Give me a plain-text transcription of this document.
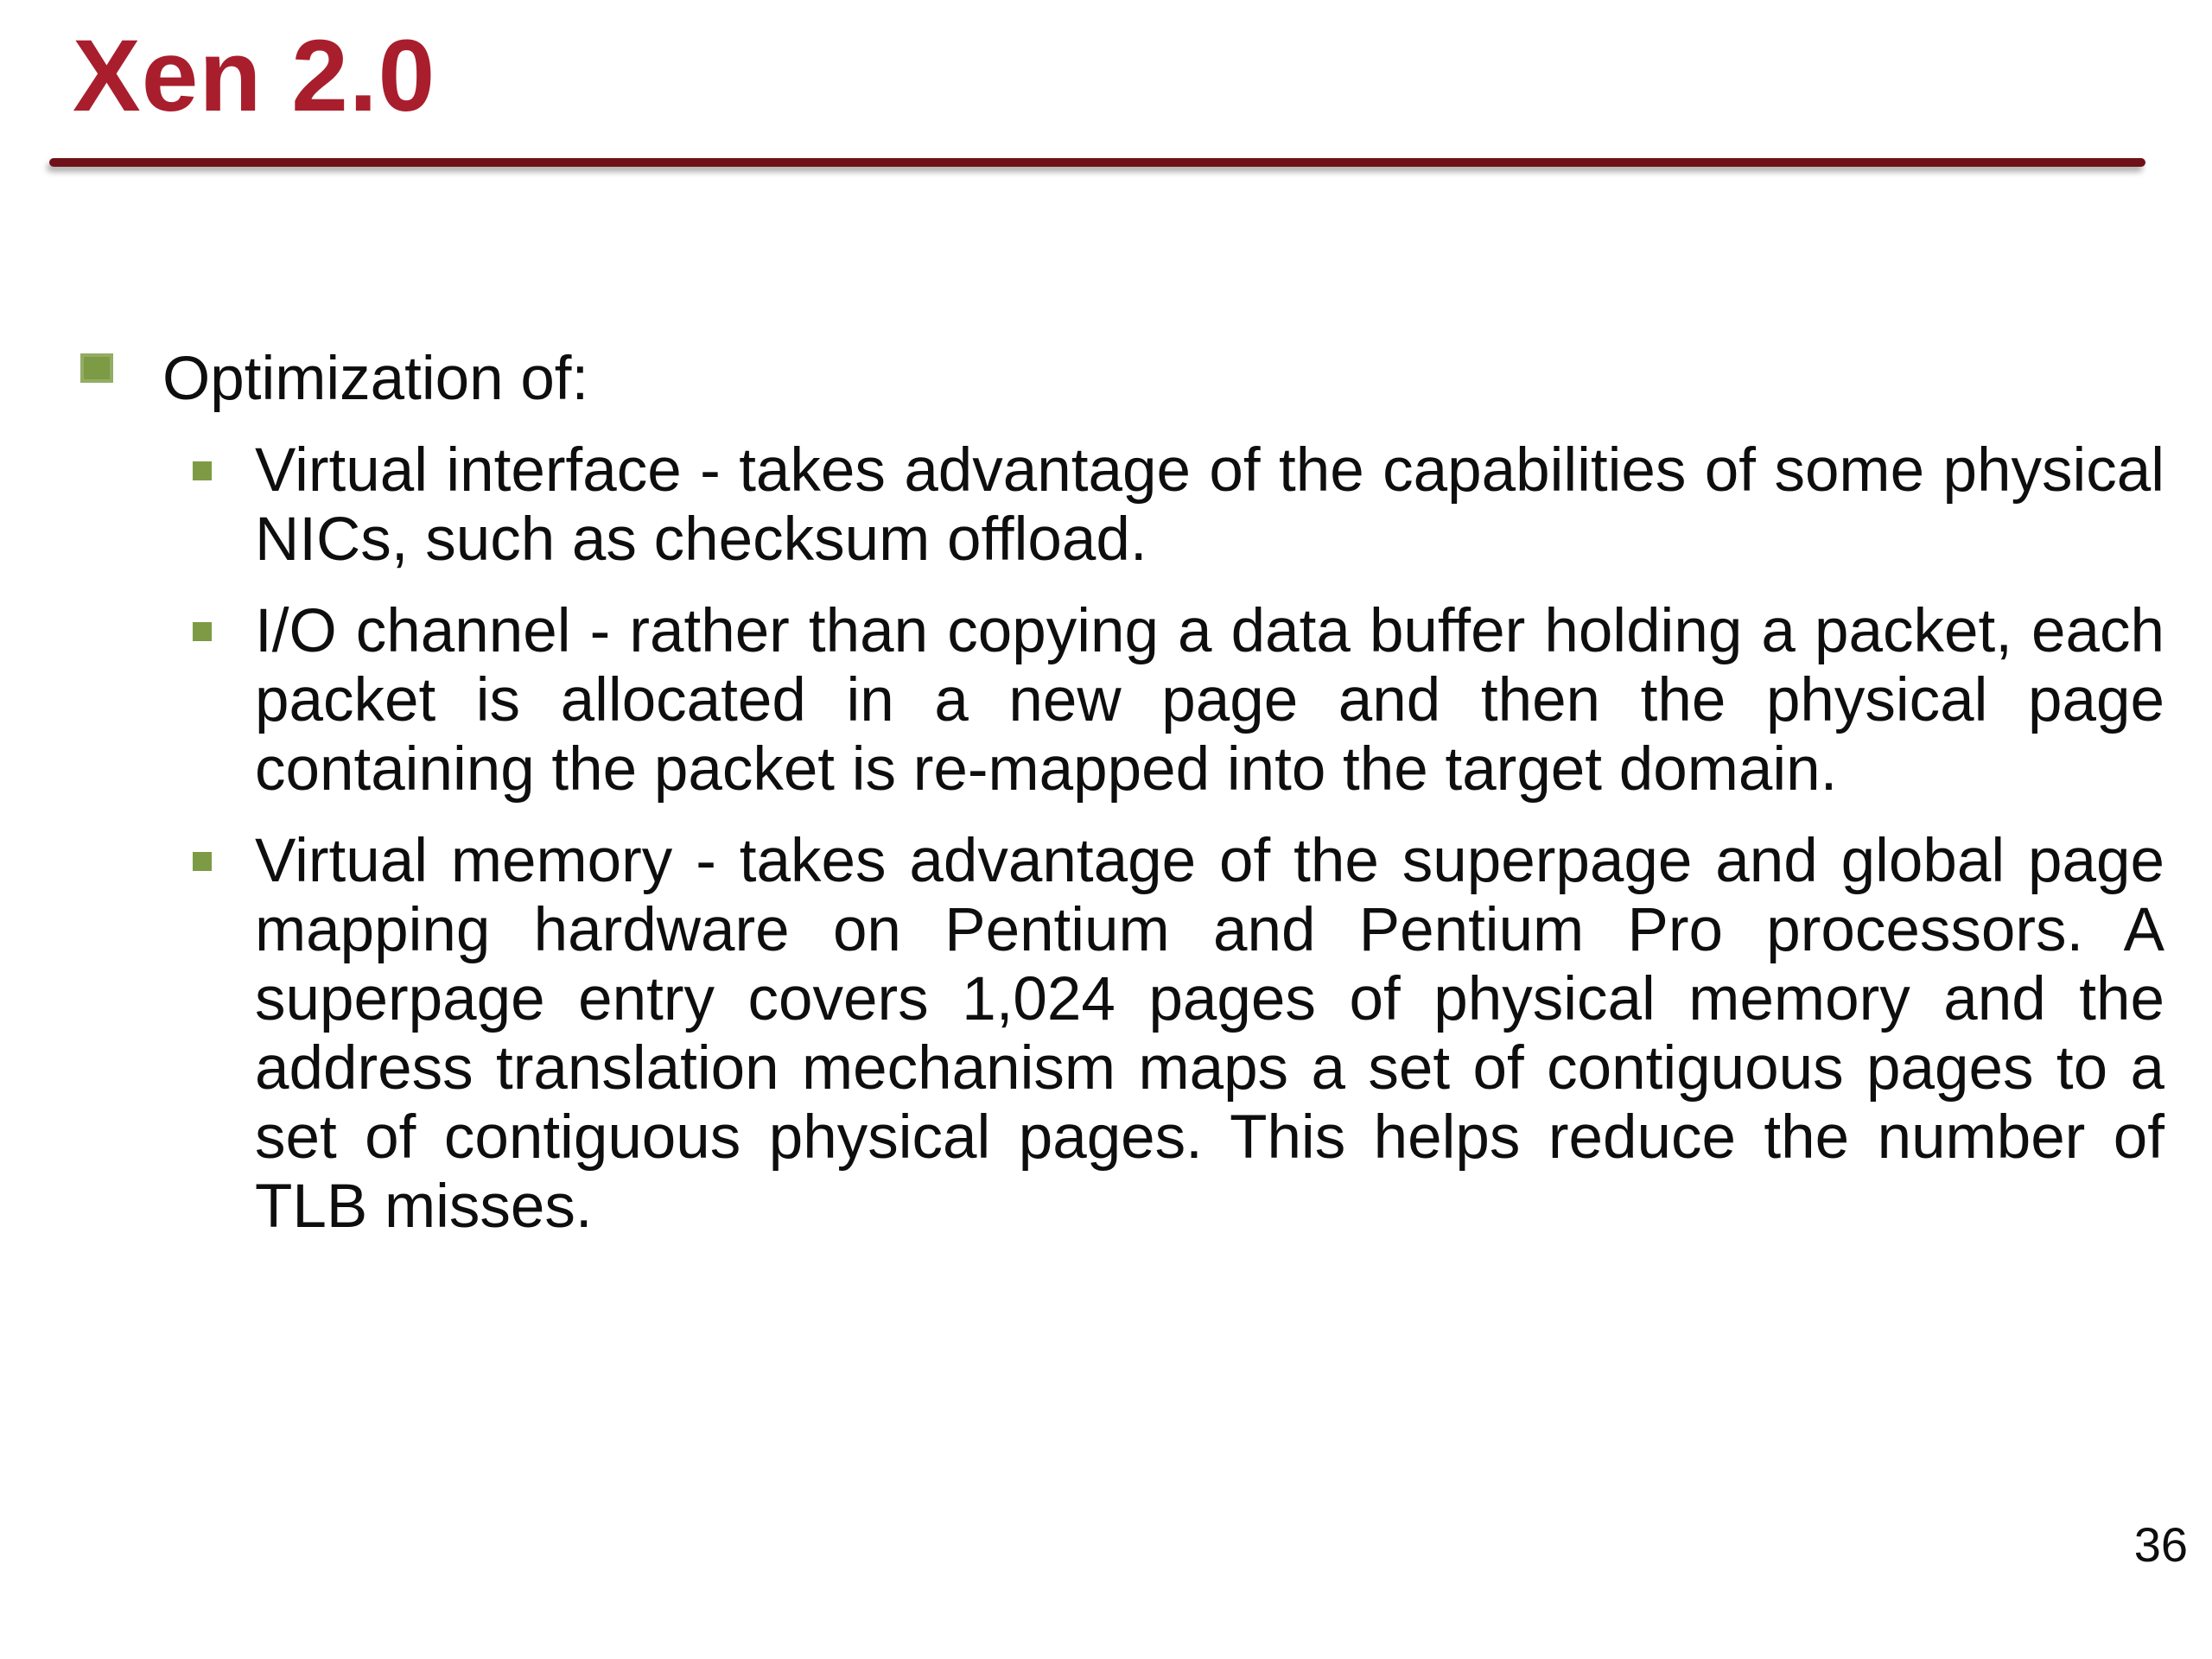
Xen 2.0

Optimization of:

Virtual interface - takes advantage of the capabilities of some physical NICs, such as checksum offload.

I/O channel - rather than copying a data buffer holding a packet, each packet is allocated in a new page and then the physical page containing the packet is re-mapped into the target domain.

Virtual memory - takes advantage of the superpage and global page mapping hardware on Pentium and Pentium Pro processors. A superpage entry covers 1,024 pages of physical memory and the address translation mechanism maps a set of contiguous pages to a set of contiguous physical pages. This helps reduce the number of TLB misses.

36
